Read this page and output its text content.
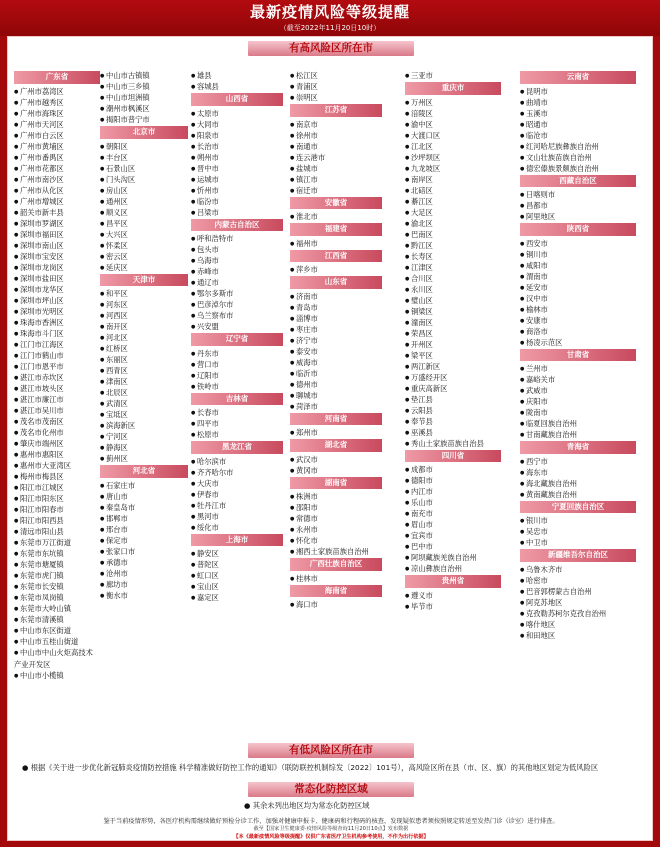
最新疫情风险等级提醒
（截至2022年11月20日10时）
有高风险区所在市
广东省
● 广州市荔湾区
● 广州市越秀区
● 广州市海珠区
● 广州市天河区
● 广州市白云区
● 广州市黄埔区
● 广州市番禺区
● 广州市花都区
● 广州市南沙区
● 广州市从化区
● 广州市增城区
● 韶关市新丰县
● 深圳市罗湖区
● 深圳市福田区
● 深圳市南山区
● 深圳市宝安区
● 深圳市龙岗区
● 深圳市盐田区
● 深圳市龙华区
● 深圳市坪山区
● 深圳市光明区
● 珠海市香洲区
● 珠海市斗门区
● 江门市江海区
● 江门市鹤山市
● 江门市恩平市
● 湛江市赤坎区
● 湛江市坡头区
● 湛江市廉江市
● 湛江市吴川市
● 茂名市茂南区
● 茂名市化州市
● 肇庆市端州区
● 惠州市惠阳区
● 惠州市大亚湾区
● 梅州市梅县区
● 阳江市江城区
● 阳江市阳东区
● 阳江市阳春市
● 阳江市阳西县
● 清远市阳山县
● 东莞市万江街道
● 东莞市东坑镇
● 东莞市塘厦镇
● 东莞市虎门镇
● 东莞市长安镇
● 东莞市凤岗镇
● 东莞市大岭山镇
● 东莞市清溪镇
● 中山市东区街道
● 中山市五桂山街道
● 中山市中山火炬高技术产业开发区
● 中山市小榄镇
● 中山市古镇镇
● 中山市三乡镇
● 中山市坦洲镇
● 潮州市枫溪区
● 揭阳市普宁市
北京市
● 朝阳区
● 丰台区
● 石景山区
● 门头沟区
● 房山区
● 通州区
● 顺义区
● 昌平区
● 大兴区
● 怀柔区
● 密云区
● 延庆区
天津市
● 和平区
● 河东区
● 河西区
● 南开区
● 河北区
● 红桥区
● 东丽区
● 西青区
● 津南区
● 北辰区
● 武清区
● 宝坻区
● 滨海新区
● 宁河区
● 静海区
● 蓟州区
河北省
● 石家庄市
● 唐山市
● 秦皇岛市
● 邯郸市
● 邢台市
● 保定市
● 张家口市
● 承德市
● 沧州市
● 廊坊市
● 衡水市
● 雄县
● 容城县
山西省
● 太原市
● 大同市
● 阳泉市
● 长治市
● 朔州市
● 晋中市
● 运城市
● 忻州市
● 临汾市
● 吕梁市
内蒙古自治区
● 呼和浩特市
● 包头市
● 乌海市
● 赤峰市
● 通辽市
● 鄂尔多斯市
● 巴彦淖尔市
● 乌兰察布市
● 兴安盟
辽宁省
● 丹东市
● 营口市
● 辽阳市
● 铁岭市
吉林省
● 长春市
● 四平市
● 松原市
黑龙江省
● 哈尔滨市
● 齐齐哈尔市
● 大庆市
● 伊春市
● 牡丹江市
● 黑河市
● 绥化市
上海市
● 静安区
● 普陀区
● 虹口区
● 宝山区
● 嘉定区
● 松江区
● 青浦区
● 崇明区
江苏省
● 南京市
● 徐州市
● 南通市
● 连云港市
● 盐城市
● 镇江市
● 宿迁市
安徽省
● 淮北市
福建省
● 福州市
江西省
● 萍乡市
山东省
● 济南市
● 青岛市
● 淄博市
● 枣庄市
● 济宁市
● 泰安市
● 威海市
● 临沂市
● 德州市
● 聊城市
● 菏泽市
河南省
● 郑州市
湖北省
● 武汉市
● 黄冈市
湖南省
● 株洲市
● 邵阳市
● 常德市
● 永州市
● 怀化市
● 湘西土家族苗族自治州
广西壮族自治区
● 桂林市
海南省
● 海口市
● 三亚市
重庆市
● 万州区
● 涪陵区
● 渝中区
● 大渡口区
● 江北区
● 沙坪坝区
● 九龙坡区
● 南岸区
● 北碚区
● 綦江区
● 大足区
● 渝北区
● 巴南区
● 黔江区
● 长寿区
● 江津区
● 合川区
● 永川区
● 璧山区
● 铜梁区
● 潼南区
● 荣昌区
● 开州区
● 梁平区
● 两江新区
● 万盛经开区
● 重庆高新区
● 垫江县
● 云阳县
● 奉节县
● 巫溪县
● 秀山土家族苗族自治县
四川省
● 成都市
● 德阳市
● 内江市
● 乐山市
● 南充市
● 眉山市
● 宜宾市
● 巴中市
● 阿坝藏族羌族自治州
● 凉山彝族自治州
贵州省
● 遵义市
● 毕节市
云南省
● 昆明市
● 曲靖市
● 玉溪市
● 昭通市
● 临沧市
● 红河哈尼族彝族自治州
● 文山壮族苗族自治州
● 德宏傣族景颇族自治州
西藏自治区
● 日喀则市
● 昌都市
● 阿里地区
陕西省
● 西安市
● 铜川市
● 咸阳市
● 渭南市
● 延安市
● 汉中市
● 榆林市
● 安康市
● 商洛市
● 杨凌示范区
甘肃省
● 兰州市
● 嘉峪关市
● 武威市
● 庆阳市
● 陇南市
● 临夏回族自治州
● 甘南藏族自治州
青海省
● 西宁市
● 海东市
● 海北藏族自治州
● 黄南藏族自治州
宁夏回族自治区
● 银川市
● 吴忠市
● 中卫市
新疆维吾尔自治区
● 乌鲁木齐市
● 哈密市
● 巴音郭楞蒙古自治州
● 阿克苏地区
● 克孜勒苏柯尔克孜自治州
● 喀什地区
● 和田地区
有低风险区所在市
● 根据《关于进一步优化新冠肺炎疫情防控措施 科学精准做好防控工作的通知》（联防联控机制综发〔2022〕101号），高风险区所在县（市、区、旗）的其他地区划定为低风险区
常态化防控区域
● 其余未列出地区均为常态化防控区域
鉴于当前疫情形势，各医疗机构需继续做好预检分诊工作，加强对健康申报卡、健康码和行程码的核查，发现疑似患者须按照规定转送至发热门诊（诊室）进行排查。
截至【国家卫生健康委·疫情风险等级查询11月20日10点】发布数据
【本《最新疫情风险等级提醒》仅供广东省医疗卫生机构参考使用，不作为出行依据】
